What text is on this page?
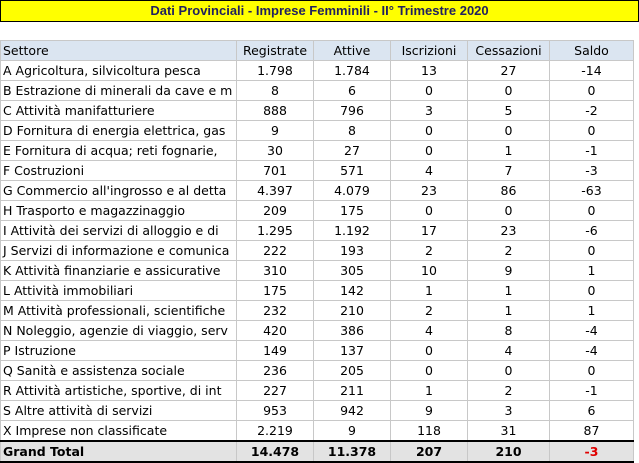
Dati Provinciali - Imprese Femminili - II° Trimestre 2020
Settore	Registrate	Attive	Iscrizioni	Cessazioni	Saldo
A Agricoltura, silvicoltura pesca	1.798	1.784	13	27	-14
B Estrazione di minerali da cave e m	8	6	0	0	0
C Attività manifatturiere	888	796	3	5	-2
D Fornitura di energia elettrica, gas	9	8	0	0	0
E Fornitura di acqua; reti fognarie,	30	27	0	1	-1
F Costruzioni	701	571	4	7	-3
G Commercio all'ingrosso e al detta	4.397	4.079	23	86	-63
H Trasporto e magazzinaggio	209	175	0	0	0
I Attività dei servizi di alloggio e di	1.295	1.192	17	23	-6
J Servizi di informazione e comunica	222	193	2	2	0
K Attività finanziarie e assicurative	310	305	10	9	1
L Attività immobiliari	175	142	1	1	0
M Attività professionali, scientifiche	232	210	2	1	1
N Noleggio, agenzie di viaggio, serv	420	386	4	8	-4
P Istruzione	149	137	0	4	-4
Q Sanità e assistenza sociale	236	205	0	0	0
R Attività artistiche, sportive, di int	227	211	1	2	-1
S Altre attività di servizi	953	942	9	3	6
X Imprese non classificate	2.219	9	118	31	87
Grand Total	14.478	11.378	207	210	-3
